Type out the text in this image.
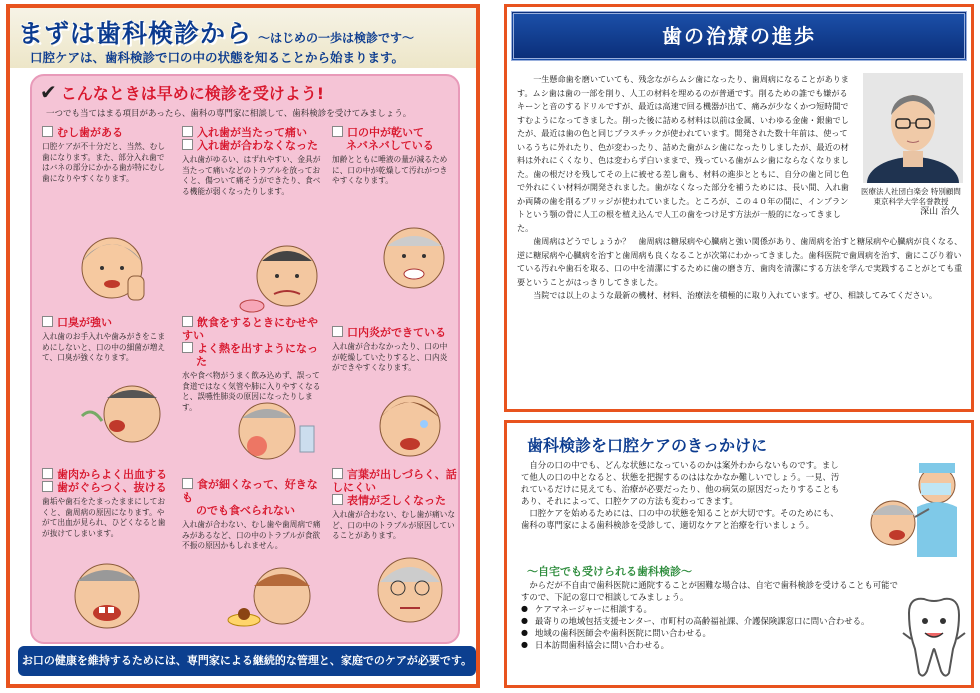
まずは歯科検診から 〜はじめの一歩は検診です〜
口腔ケアは、歯科検診で口の中の状態を知ることから始まります。
✔ こんなときは早めに検診を受けよう!
一つでも当てはまる項目があったら、歯科の専門家に相談して、歯科検診を受けてみましょう。
むし歯がある
口腔ケアが不十分だと、当然、むし歯になります。また、部分入れ歯ではバネの部分にかかる歯が特にむし歯になりやすくなります。
入れ歯が当たって痛い
入れ歯が合わなくなった
入れ歯がゆるい、はずれやすい、金具が当たって痛いなどのトラブルを放っておくと、傷ついて痛そうができたり、食べる機能が弱くなったりします。
口の中が乾いて
ネバネバしている
加齢とともに唾液の量が減るために、口の中が乾燥して汚れがつきやすくなります。
口臭が強い
入れ歯のお手入れや歯みがきをこまめにしないと、口の中の細菌が増えて、口臭が強くなります。
飲食をするときにむせやすい
よく熱を出すようになった
水や食べ物がうまく飲み込めず、誤って食道ではなく気管や肺に入りやすくなると、誤嚥性肺炎の原因になったりします。
口内炎ができている
入れ歯が合わなかったり、口の中が乾燥していたりすると、口内炎ができやすくなります。
歯肉からよく出血する
歯がぐらつく、抜ける
歯垢や歯石をたまったままにしておくと、歯周病の原因になります。やがて出血が見られ、ひどくなると歯が抜けてしまいます。
食が細くなって、好きなも
のでも食べられない
入れ歯が合わない、むし歯や歯周病で痛みがあるなど、口の中のトラブルが食欲不振の原因かもしれません。
言葉が出しづらく、話しにくい
表情が乏しくなった
入れ歯が合わない、むし歯が痛いなど、口の中のトラブルが原因していることがあります。
お口の健康を維持するためには、専門家による継続的な管理と、家庭でのケアが必要です。
歯の治療の進歩
医療法人社団白楽会 特別顧問
東京科学大学名誉教授
深山 治久

一生懸命歯を磨いていても、残念ながらムシ歯になったり、歯周病になることがあります。ムシ歯は歯の一部を削り、人工の材料を埋めるのが普通です。削るための誰でも嫌がるキーンと音のするドリルですが、最近は高速で回る機器が出て、痛みが少なくかつ短時間ですむようになってきました。削った後に詰める材料は以前は金属、いわゆる金歯・銀歯でしたが、最近は歯の色と同じプラスチックが使われています。開発された数十年前は、使っているうちに外れたり、色が変わったり、詰めた歯がムシ歯になったりしましたが、最近の材料は外れにくくなり、色は変わらず白いままで、残っている歯がムシ歯にならなくなりました。歯の根だけを残してその上に被せる差し歯も、材料の進歩とともに、自分の歯と同じ色で外れにくい材料が開発されました。歯がなくなった部分を補うためには、長い間、入れ歯か両隣の歯を削るブリッジが使われていました。ところが、この４０年の間に、インプラントという顎の骨に人工の根を植え込んで人工の歯をつけ足す方法が一般的になってきました。

歯周病はどうでしょうか？　歯周病は糖尿病や心臓病と強い関係があり、歯周病を治すと糖尿病や心臓病が良くなる、逆に糖尿病や心臓病を治すと歯周病も良くなることが次第にわかってきました。歯科医院で歯周病を治す、歯にこびり着いている汚れや歯石を取る、口の中を清潔にするために歯の磨き方、歯肉を清潔にする方法を学んで実践することがとても重要ということがはっきりしてきました。

当院では以上のような最新の機材、材料、治療法を積極的に取り入れています。ぜひ、相談してみてください。

歯科検診を口腔ケアのきっかけに

自分の口の中でも、どんな状態になっているのかは案外わからないものです。まして他人の口の中となると、状態を把握するのははなかなか難しいでしょう。一見、汚れているだけに見えても、治療が必要だったり、他の病気の原因だったりすることもあり、それによって、口腔ケアの方法も変わってきます。

口腔ケアを始めるためには、口の中の状態を知ることが大切です。そのためにも、歯科の専門家による歯科検診を受診して、適切なケアと治療を行いましょう。

〜自宅でも受けられる歯科検診〜

からだが不自由で歯科医院に通院することが困難な場合は、自宅で歯科検診を受けることも可能ですので、下記の窓口で相談してみましょう。

● ケアマネージャーに相談する。
● 最寄りの地域包括支援センター、市町村の高齢福祉課、介護保険課窓口に問い合わせる。
● 地域の歯科医師会や歯科医院に問い合わせる。
● 日本訪問歯科協会に問い合わせる。
